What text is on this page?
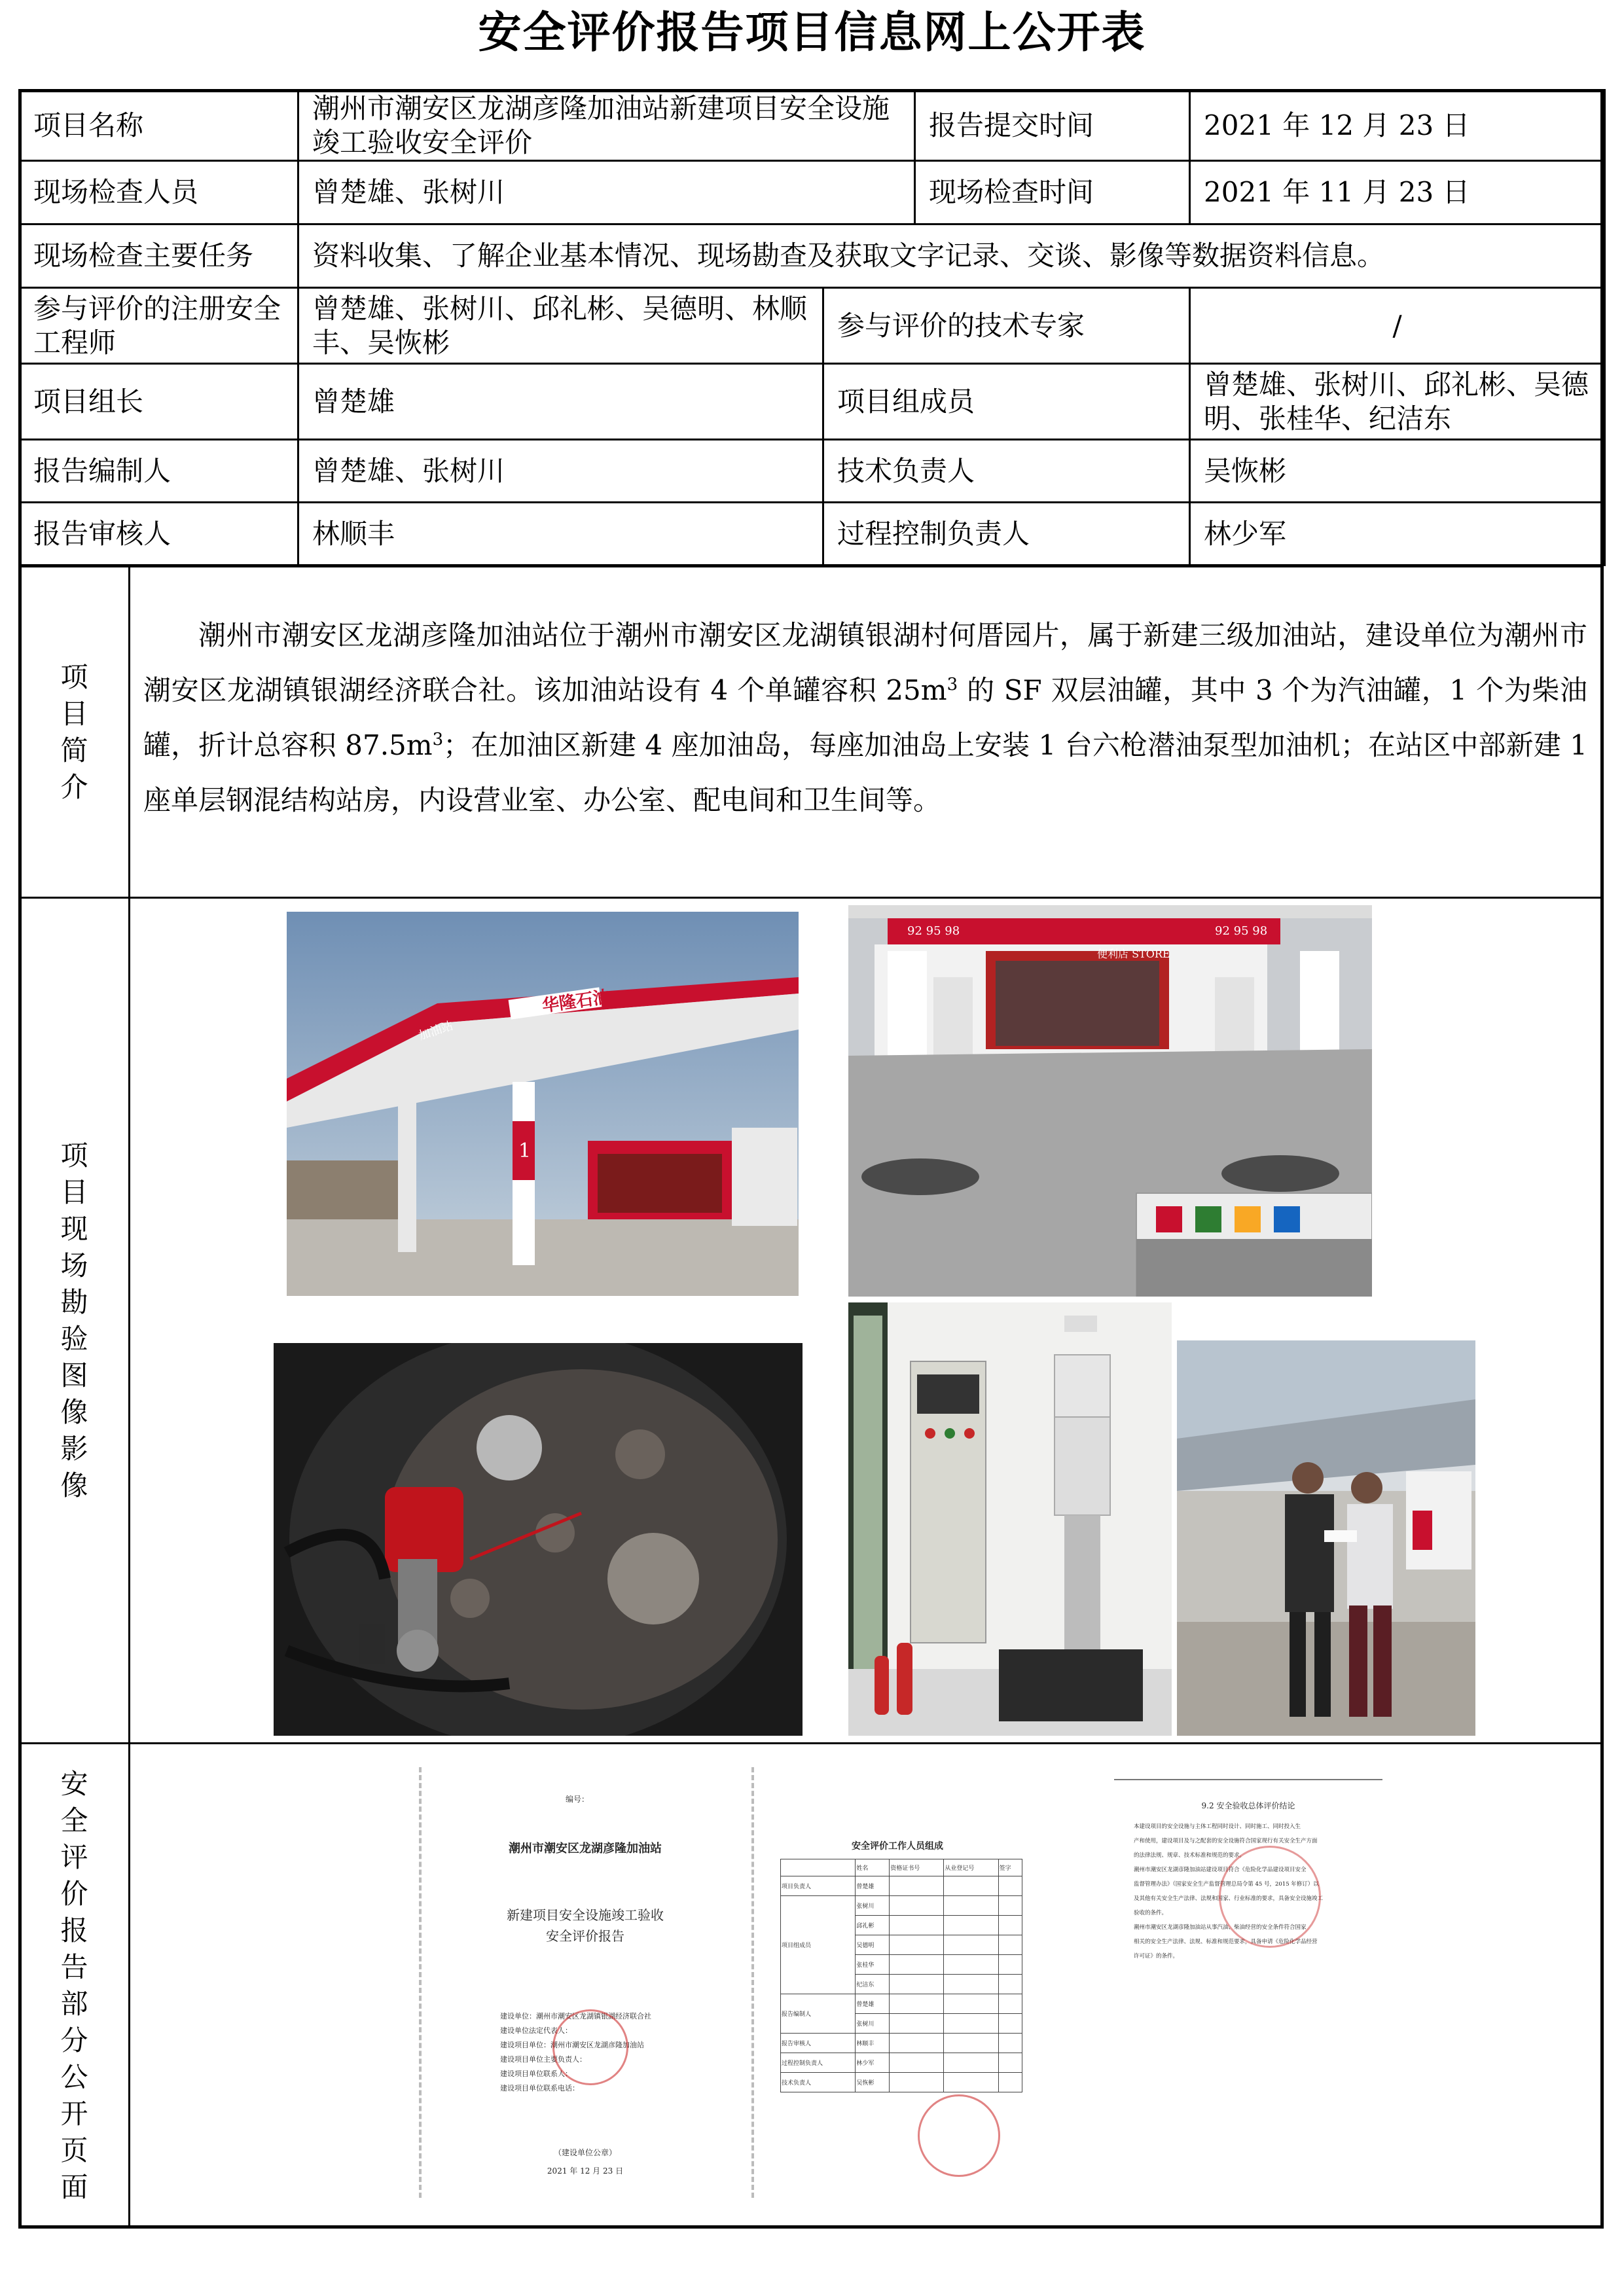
安全评价报告项目信息网上公开表
项目名称	潮州市潮安区龙湖彦隆加油站新建项目安全设施竣工验收安全评价		报告提交时间	2021 年 12 月 23 日
现场检查人员	曾楚雄、张树川		现场检查时间	2021 年 11 月 23 日
现场检查主要任务	资料收集、了解企业基本情况、现场勘查及获取文字记录、交谈、影像等数据资料信息。			
参与评价的注册安全工程师	曾楚雄、张树川、邱礼彬、吴德明、林顺丰、吴恢彬	参与评价的技术专家		/
项目组长	曾楚雄	项目组成员		曾楚雄、张树川、邱礼彬、吴德明、张桂华、纪洁东
报告编制人	曾楚雄、张树川	技术负责人		吴恢彬
报告审核人	林顺丰	过程控制负责人		林少军
项目简介
潮州市潮安区龙湖彦隆加油站位于潮州市潮安区龙湖镇银湖村何厝园片，属于新建三级加油站，建设单位为潮州市潮安区龙湖镇银湖经济联合社。该加油站设有 4 个单罐容积 $25m^3$ 的 SF 双层油罐，其中 3 个为汽油罐，1 个为柴油罐，折计总容积 $87.5m^3$；在加油区新建 4 座加油岛，每座加油岛上安装 1 台六枪潜油泵型加油机；在站区中部新建 1 座单层钢混结构站房，内设营业室、办公室、配电间和卫生间等。
项目现场勘验图像影像
华隆石油
加油站
1
便利店 STORE
92 95 98	92 95 98
安全评价报告部分公开页面
编号：
潮州市潮安区龙湖彦隆加油站
新建项目安全设施竣工验收
安全评价报告
建设单位：潮州市潮安区龙湖镇银湖经济联合社
建设单位法定代表人：
建设项目单位：潮州市潮安区龙湖彦隆加油站
建设项目单位主要负责人：
建设项目单位联系人：
建设项目单位联系电话：
（建设单位公章）
2021 年 12 月 23 日
安全评价工作人员组成
	姓名	资格证书号	从业登记号	签字
项目负责人	曾楚雄			
项目组成员	张树川			
	邱礼彬			
	吴德明			
	张桂华			
	纪洁东			
报告编制人	曾楚雄			
	张树川			
报告审核人	林顺丰			
过程控制负责人	林少军			
技术负责人	吴恢彬			
9.2 安全验收总体评价结论
本建设项目的安全设施与主体工程同时设计、同时施工、同时投入生
产和使用，建设项目及与之配套的安全设施符合国家现行有关安全生产方面
的法律法规、规章、技术标准和规范的要求。
潮州市潮安区龙湖彦隆加油站建设项目符合《危险化学品建设项目安全
监督管理办法》（国家安全生产监督管理总局令第 45 号，2015 年修订）以
及其他有关安全生产法律、法规和国家、行业标准的要求，具备安全设施竣工
验收的条件。
潮州市潮安区龙湖彦隆加油站从事汽油、柴油经营的安全条件符合国家
相关的安全生产法律、法规、标准和规范要求，具备申请《危险化学品经营
许可证》的条件。
